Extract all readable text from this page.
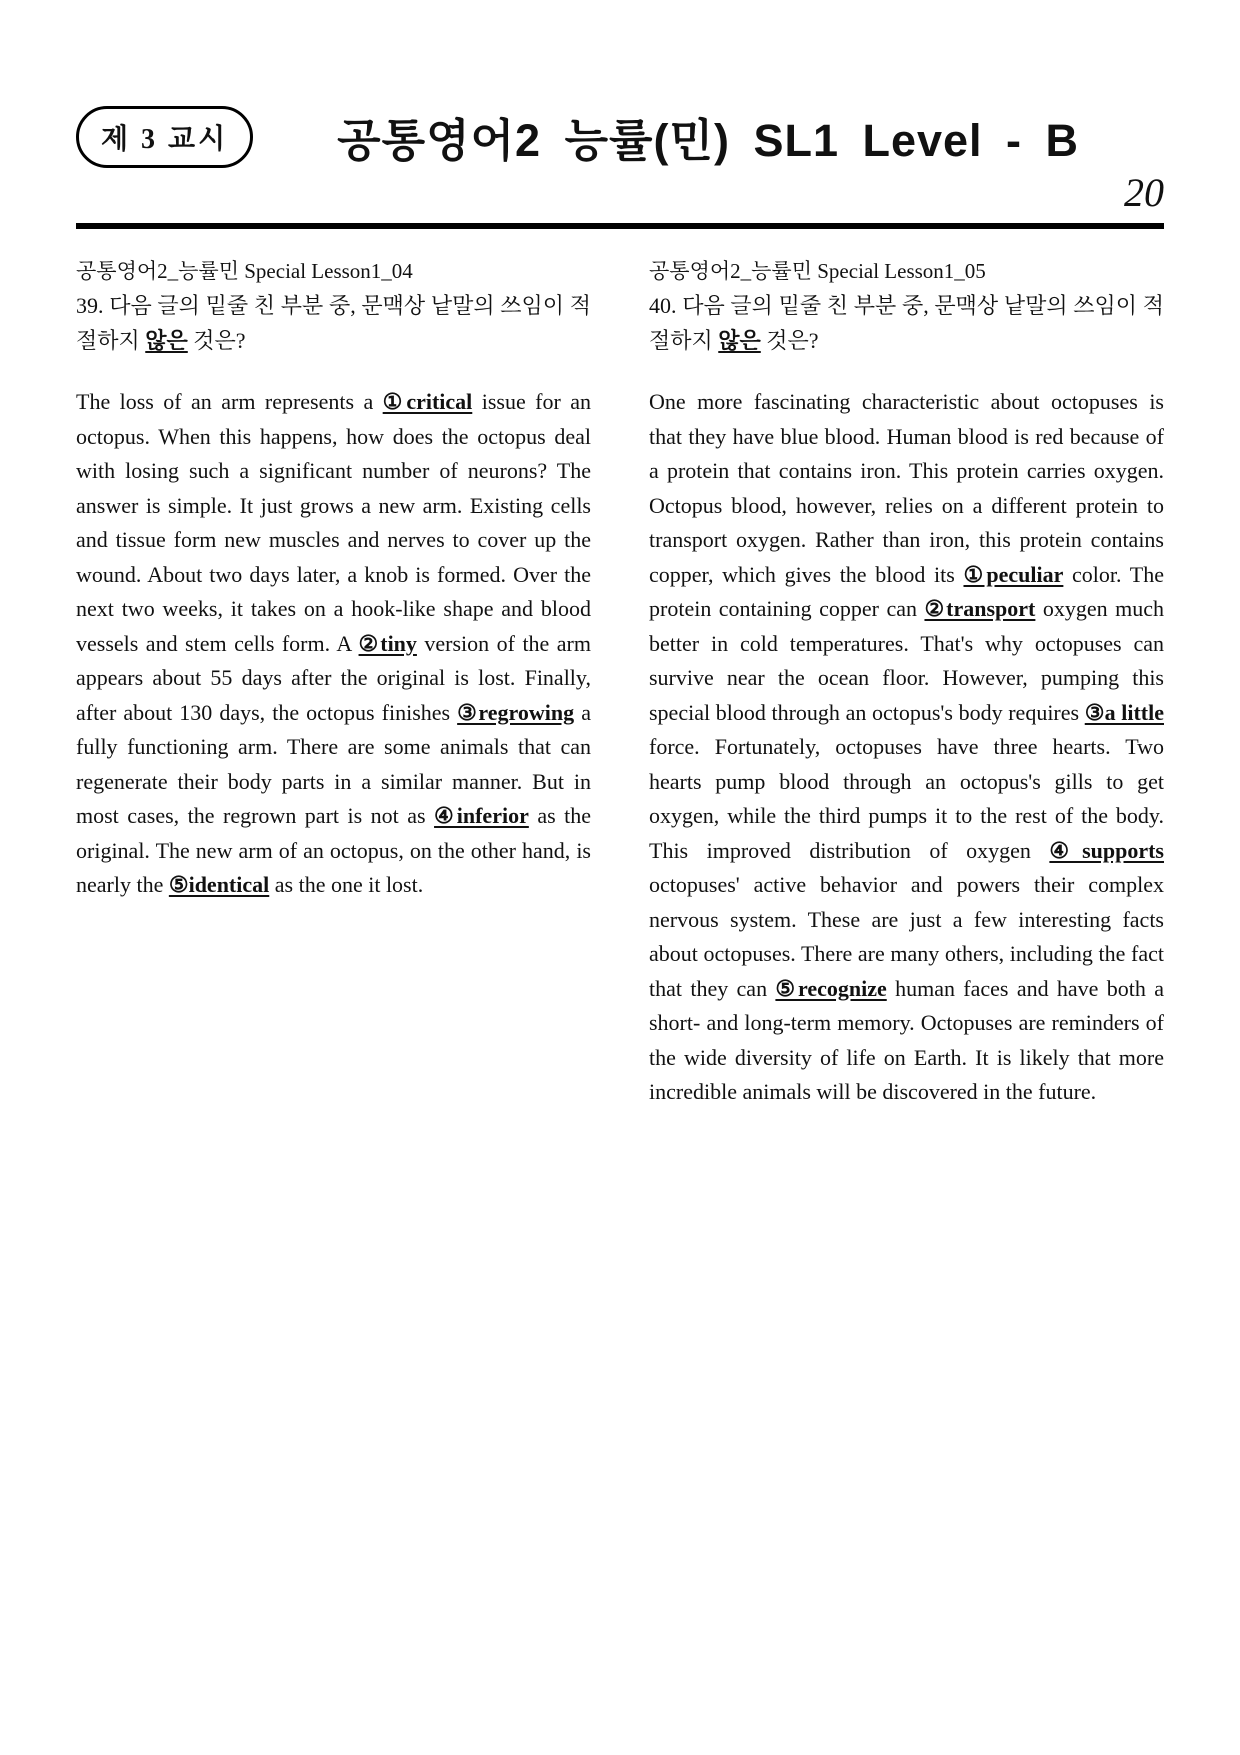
제 3 교시	공통영어2 능률(민) SL1 Level - B
20
공통영어2_능률민 Special Lesson1_04
39. 다음 글의 밑줄 친 부분 중, 문맥상 낱말의 쓰임이 적절하지 않은 것은?

The loss of an arm represents a ①critical issue for an octopus. When this happens, how does the octopus deal with losing such a significant number of neurons? The answer is simple. It just grows a new arm. Existing cells and tissue form new muscles and nerves to cover up the wound. About two days later, a knob is formed. Over the next two weeks, it takes on a hook-like shape and blood vessels and stem cells form. A ②tiny version of the arm appears about 55 days after the original is lost. Finally, after about 130 days, the octopus finishes ③regrowing a fully functioning arm. There are some animals that can regenerate their body parts in a similar manner. But in most cases, the regrown part is not as ④inferior as the original. The new arm of an octopus, on the other hand, is nearly the ⑤identical as the one it lost.

공통영어2_능률민 Special Lesson1_05
40. 다음 글의 밑줄 친 부분 중, 문맥상 낱말의 쓰임이 적절하지 않은 것은?

One more fascinating characteristic about octopuses is that they have blue blood. Human blood is red because of a protein that contains iron. This protein carries oxygen. Octopus blood, however, relies on a different protein to transport oxygen. Rather than iron, this protein contains copper, which gives the blood its ①peculiar color. The protein containing copper can ②transport oxygen much better in cold temperatures. That's why octopuses can survive near the ocean floor. However, pumping this special blood through an octopus's body requires ③a little force. Fortunately, octopuses have three hearts. Two hearts pump blood through an octopus's gills to get oxygen, while the third pumps it to the rest of the body. This improved distribution of oxygen ④supports octopuses' active behavior and powers their complex nervous system. These are just a few interesting facts about octopuses. There are many others, including the fact that they can ⑤recognize human faces and have both a short- and long-term memory. Octopuses are reminders of the wide diversity of life on Earth. It is likely that more incredible animals will be discovered in the future.
